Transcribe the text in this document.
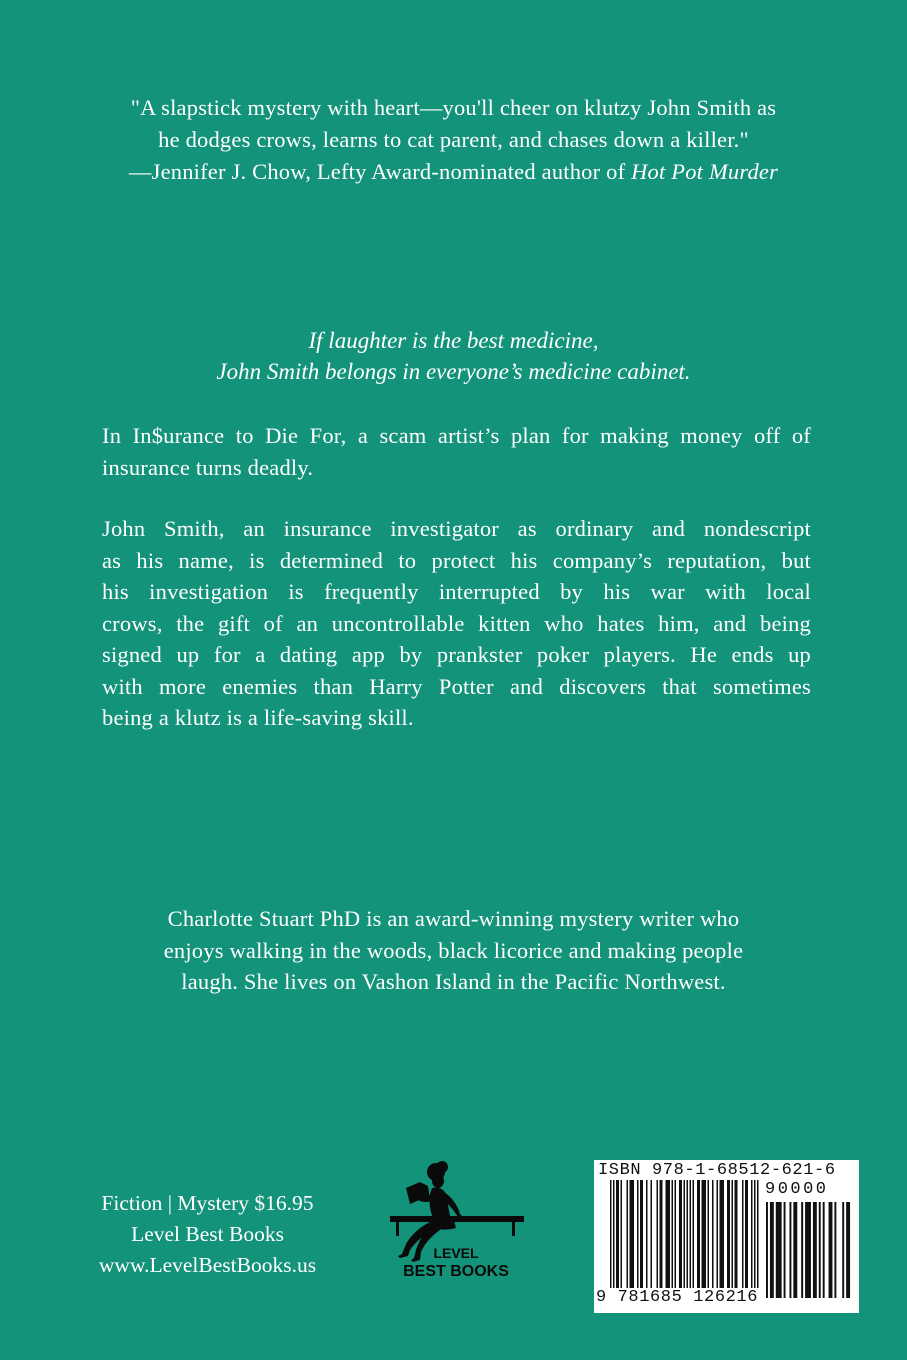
"A slapstick mystery with heart—you'll cheer on klutzy John Smith as
he dodges crows, learns to cat parent, and chases down a killer."
—Jennifer J. Chow, Lefty Award-nominated author of Hot Pot Murder
If laughter is the best medicine,
John Smith belongs in everyone’s medicine cabinet.
In In$urance to Die For, a scam artist’s plan for making money off of
insurance turns deadly.
John Smith, an insurance investigator as ordinary and nondescript
as his name, is determined to protect his company’s reputation, but
his investigation is frequently interrupted by his war with local
crows, the gift of an uncontrollable kitten who hates him, and being
signed up for a dating app by prankster poker players. He ends up
with more enemies than Harry Potter and discovers that sometimes
being a klutz is a life-saving skill.
Charlotte Stuart PhD is an award-winning mystery writer who
enjoys walking in the woods, black licorice and making people
laugh. She lives on Vashon Island in the Pacific Northwest.
Fiction | Mystery $16.95
Level Best Books
www.LevelBestBooks.us	LEVEL
BEST BOOKS
ISBN 978-1-68512-621-6
90000
9 781685 126216
